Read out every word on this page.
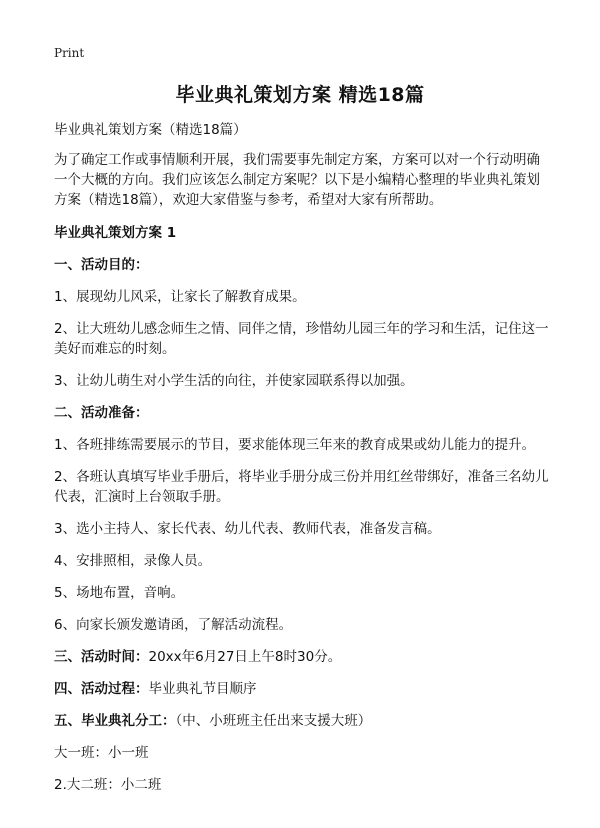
Print
毕业典礼策划方案 精选18篇

毕业典礼策划方案（精选18篇）

为了确定工作或事情顺利开展，我们需要事先制定方案，方案可以对一个行动明确一个大概的方向。我们应该怎么制定方案呢？以下是小编精心整理的毕业典礼策划方案（精选18篇），欢迎大家借鉴与参考，希望对大家有所帮助。

毕业典礼策划方案 1

一、活动目的：

1、展现幼儿风采，让家长了解教育成果。

2、让大班幼儿感念师生之情、同伴之情，珍惜幼儿园三年的学习和生活，记住这一美好而难忘的时刻。

3、让幼儿萌生对小学生活的向往，并使家园联系得以加强。

二、活动准备：

1、各班排练需要展示的节目，要求能体现三年来的教育成果或幼儿能力的提升。

2、各班认真填写毕业手册后，将毕业手册分成三份并用红丝带绑好，准备三名幼儿代表，汇演时上台领取手册。

3、选小主持人、家长代表、幼儿代表、教师代表，准备发言稿。

4、安排照相，录像人员。

5、场地布置，音响。

6、向家长颁发邀请函，了解活动流程。

三、活动时间：20xx年6月27日上午8时30分。

四、活动过程：毕业典礼节目顺序

五、毕业典礼分工：（中、小班班主任出来支援大班）

大一班：小一班

2.大二班：小二班
